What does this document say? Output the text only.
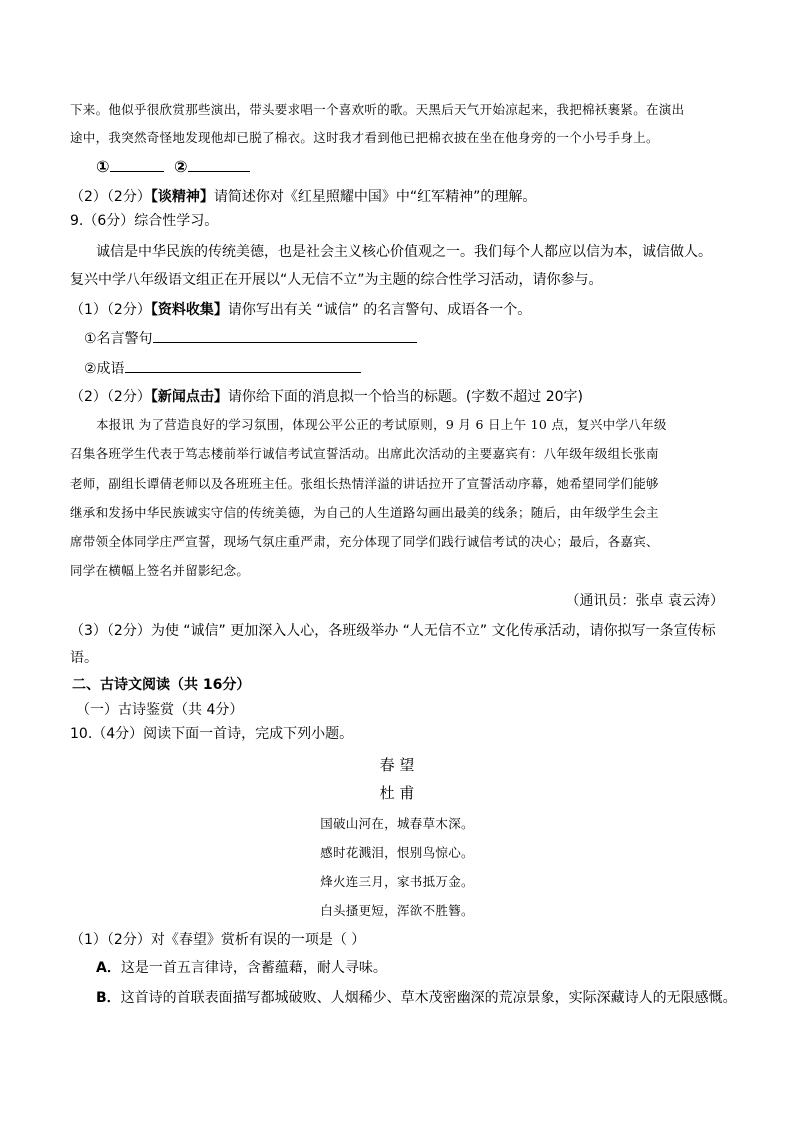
下来。他似乎很欣赏那些演出，带头要求唱一个喜欢听的歌。天黑后天气开始凉起来，我把棉袄裹紧。在演出
途中，我突然奇怪地发现他却已脱了棉衣。这时我才看到他已把棉衣披在坐在他身旁的一个小号手身上。
①	②
（2）（2分）【谈精神】请简述你对《红星照耀中国》中“红军精神”的理解。
9.（6分）综合性学习。
诚信是中华民族的传统美德，也是社会主义核心价值观之一。我们每个人都应以信为本，诚信做人。
复兴中学八年级语文组正在开展以“人无信不立”为主题的综合性学习活动，请你参与。
（1）（2分）【资料收集】请你写出有关 “诚信” 的名言警句、成语各一个。
①名言警句
②成语
（2）（2分）【新闻点击】请你给下面的消息拟一个恰当的标题。(字数不超过 20字)
本报讯 为了营造良好的学习氛围，体现公平公正的考试原则，9 月 6 日上午 10 点，复兴中学八年级
召集各班学生代表于笃志楼前举行诚信考试宣誓活动。出席此次活动的主要嘉宾有：八年级年级组长张南
老师，副组长谭倩老师以及各班班主任。张组长热情洋溢的讲话拉开了宣誓活动序幕，她希望同学们能够
继承和发扬中华民族诚实守信的传统美德，为自己的人生道路勾画出最美的线条；随后，由年级学生会主
席带领全体同学庄严宣誓，现场气氛庄重严肃，充分体现了同学们践行诚信考试的决心；最后，各嘉宾、
同学在横幅上签名并留影纪念。
（通讯员：张卓 袁云涛）
（3）（2分）为使 “诚信” 更加深入人心，各班级举办 “人无信不立” 文化传承活动，请你拟写一条宣传标
语。
二、古诗文阅读（共 16分）
（一）古诗鉴赏（共 4分）
10.（4分）阅读下面一首诗，完成下列小题。
春 望
杜 甫
国破山河在，城春草木深。
感时花溅泪，恨别鸟惊心。
烽火连三月，家书抵万金。
白头搔更短，浑欲不胜簪。
（1）（2分）对《春望》赏析有误的一项是（ ）
A．这是一首五言律诗，含蓄蕴藉，耐人寻味。
B．这首诗的首联表面描写都城破败、人烟稀少、草木茂密幽深的荒凉景象，实际深藏诗人的无限感慨。
